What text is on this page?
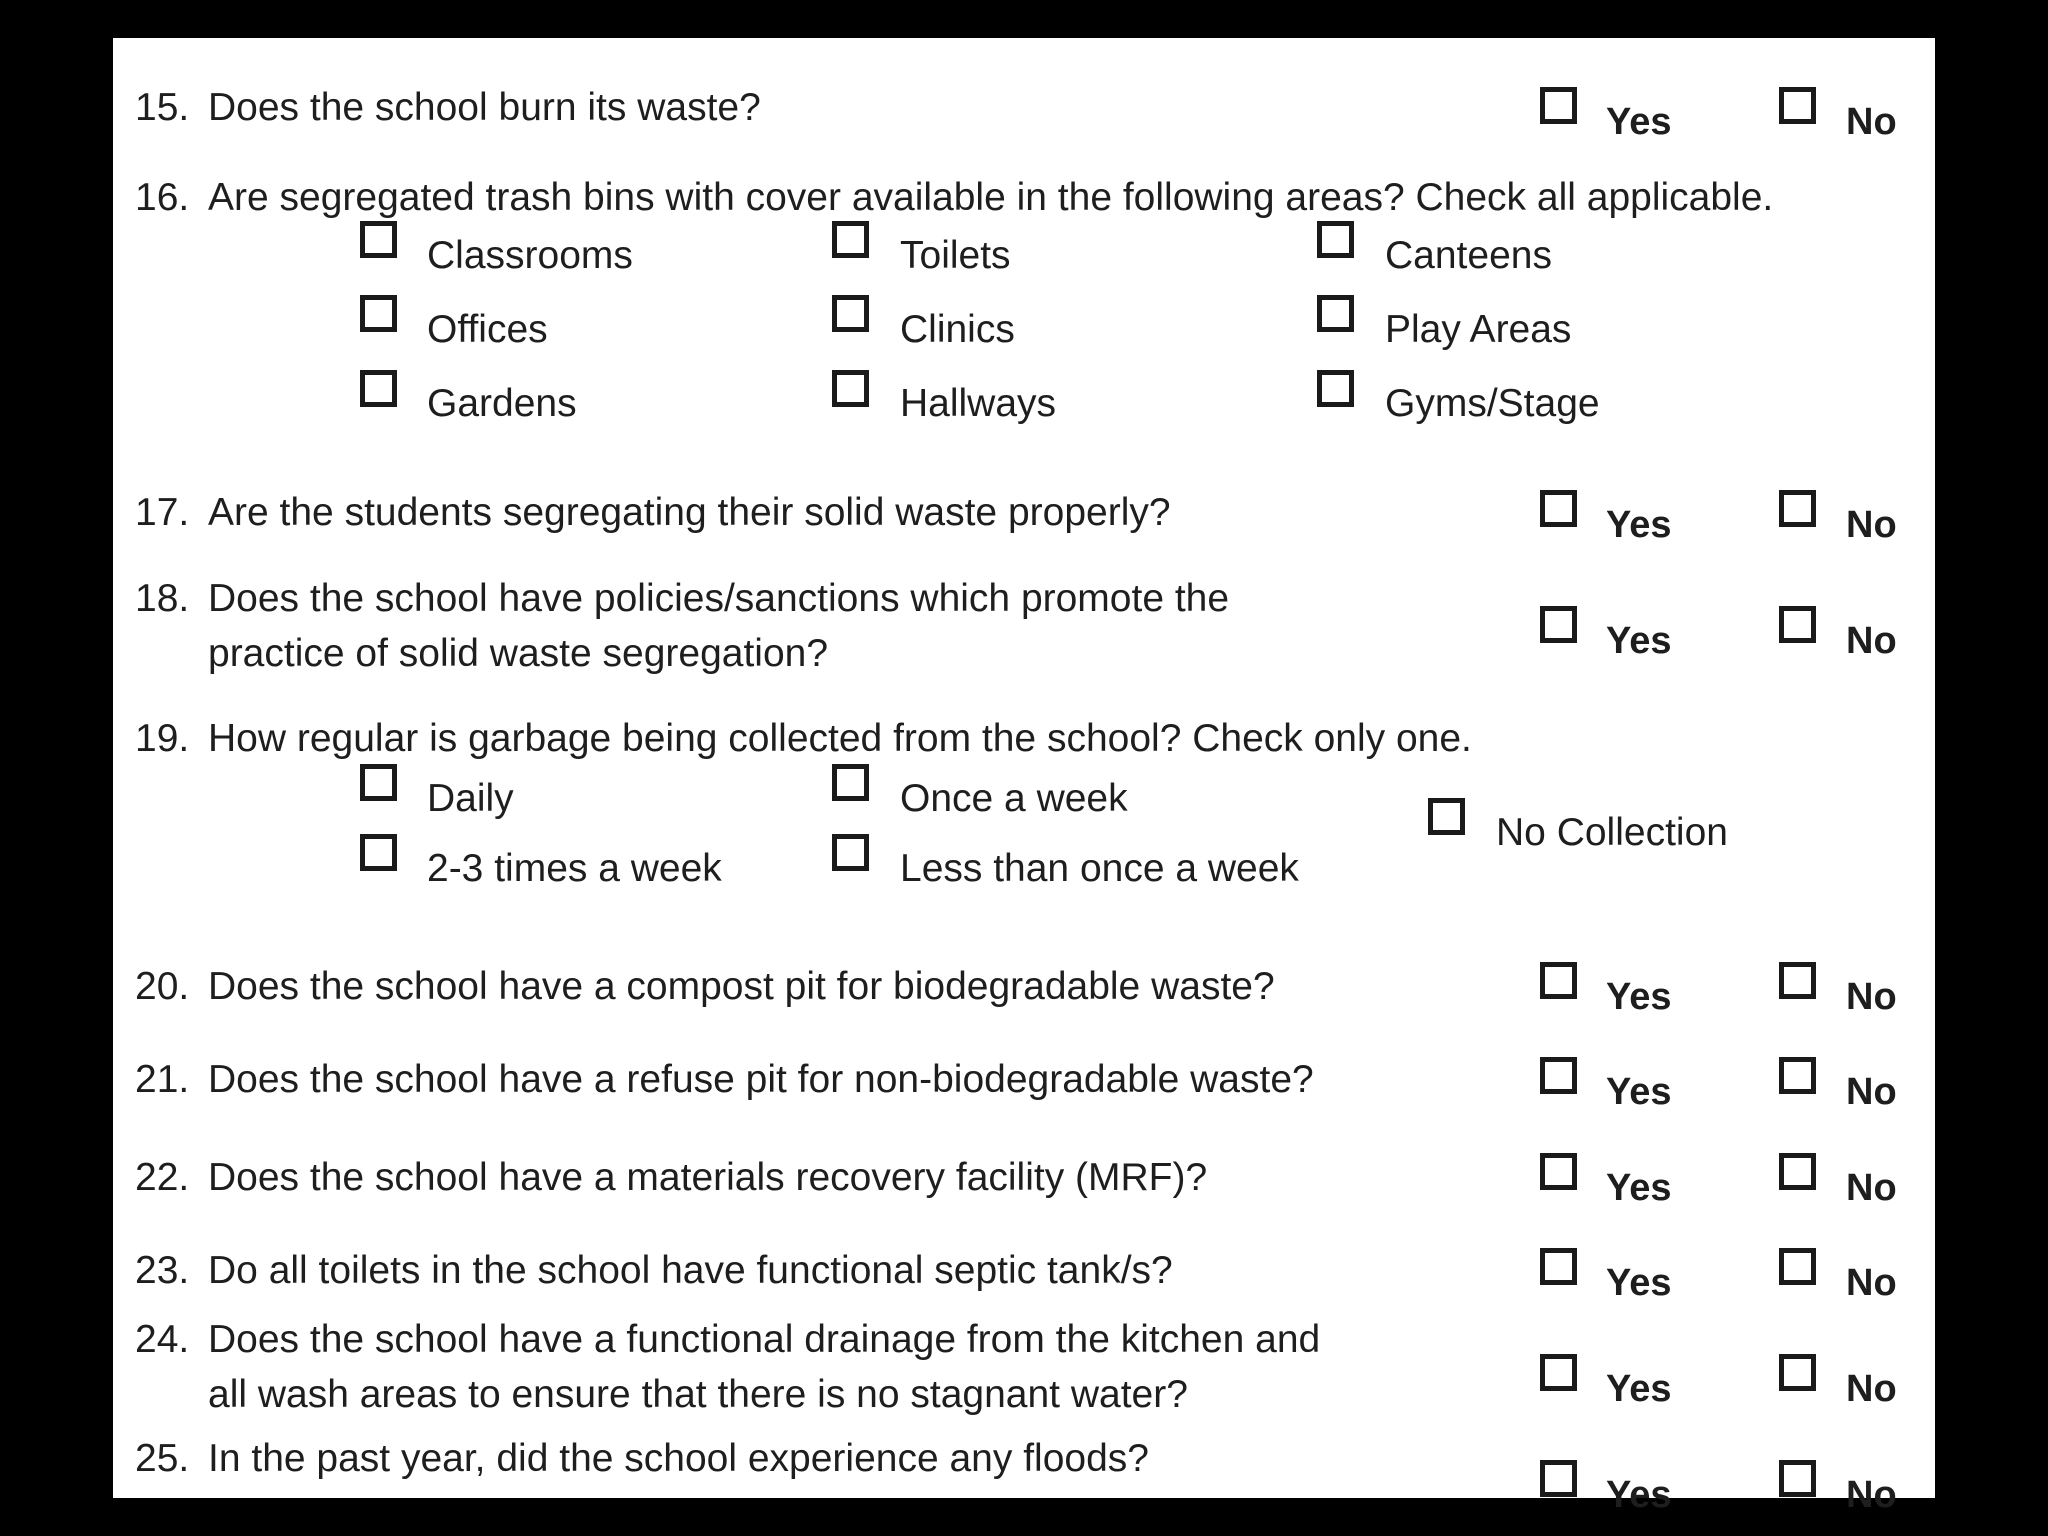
15. Does the school burn its waste?	Yes	No
16. Are segregated trash bins with cover available in the following areas? Check all applicable.
Classrooms	Toilets	Canteens
Offices	Clinics	Play Areas
Gardens	Hallways	Gyms/Stage
17. Are the students segregating their solid waste properly?	Yes	No
18. Does the school have policies/sanctions which promote the
practice of solid waste segregation?	Yes	No
19. How regular is garbage being collected from the school? Check only one.
Daily	Once a week
2-3 times a week	Less than once a week
No Collection
20. Does the school have a compost pit for biodegradable waste?	Yes	No
21. Does the school have a refuse pit for non-biodegradable waste?	Yes	No
22. Does the school have a materials recovery facility (MRF)?	Yes	No
23. Do all toilets in the school have functional septic tank/s?	Yes	No
24. Does the school have a functional drainage from the kitchen and
all wash areas to ensure that there is no stagnant water?	Yes	No
25. In the past year, did the school experience any floods?
Yes	No
